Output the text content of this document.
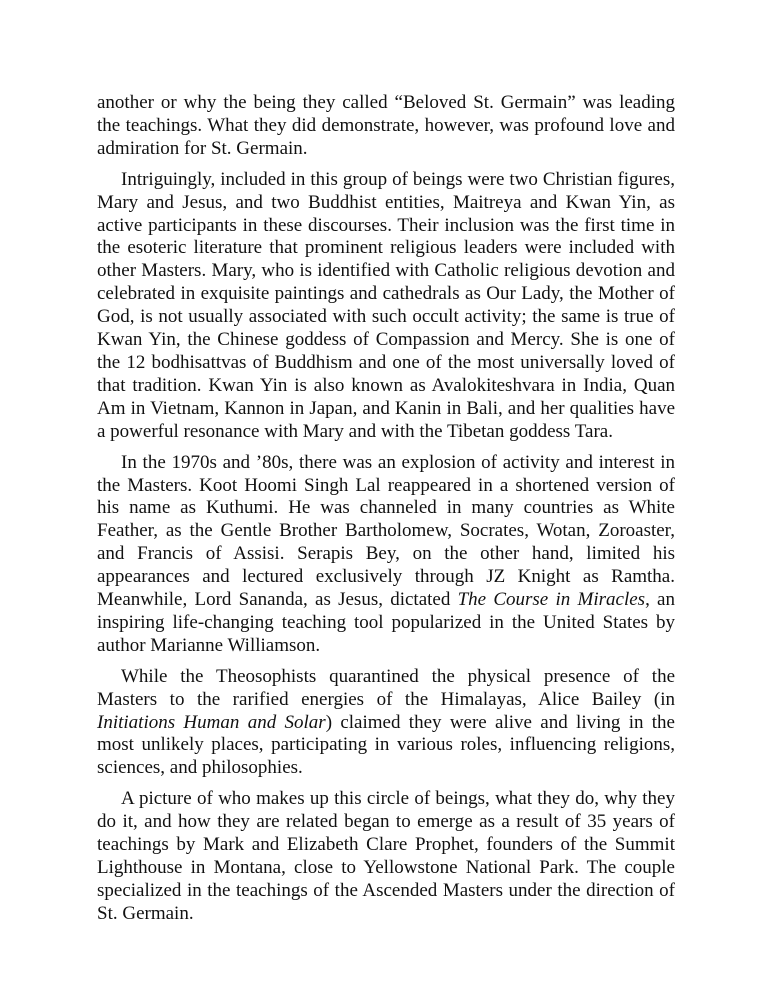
another or why the being they called “Beloved St. Germain” was leading the teachings. What they did demonstrate, however, was profound love and admiration for St. Germain.

Intriguingly, included in this group of beings were two Christian figures, Mary and Jesus, and two Buddhist entities, Maitreya and Kwan Yin, as active participants in these discourses. Their inclusion was the first time in the esoteric literature that prominent religious leaders were included with other Masters. Mary, who is identified with Catholic religious devotion and celebrated in exquisite paintings and cathedrals as Our Lady, the Mother of God, is not usually associated with such occult activity; the same is true of Kwan Yin, the Chinese goddess of Compassion and Mercy. She is one of the 12 bodhisattvas of Buddhism and one of the most universally loved of that tradition. Kwan Yin is also known as Avalokiteshvara in India, Quan Am in Vietnam, Kannon in Japan, and Kanin in Bali, and her qualities have a powerful resonance with Mary and with the Tibetan goddess Tara.

In the 1970s and ’80s, there was an explosion of activity and interest in the Masters. Koot Hoomi Singh Lal reappeared in a shortened version of his name as Kuthumi. He was channeled in many countries as White Feather, as the Gentle Brother Bartholomew, Socrates, Wotan, Zoroaster, and Francis of Assisi. Serapis Bey, on the other hand, limited his appearances and lectured exclusively through JZ Knight as Ramtha. Meanwhile, Lord Sananda, as Jesus, dictated The Course in Miracles, an inspiring life-changing teaching tool popularized in the United States by author Marianne Williamson.

While the Theosophists quarantined the physical presence of the Masters to the rarified energies of the Himalayas, Alice Bailey (in Initiations Human and Solar) claimed they were alive and living in the most unlikely places, participating in various roles, influencing religions, sciences, and philosophies.

A picture of who makes up this circle of beings, what they do, why they do it, and how they are related began to emerge as a result of 35 years of teachings by Mark and Elizabeth Clare Prophet, founders of the Summit Lighthouse in Montana, close to Yellowstone National Park. The couple specialized in the teachings of the Ascended Masters under the direction of St. Germain.
